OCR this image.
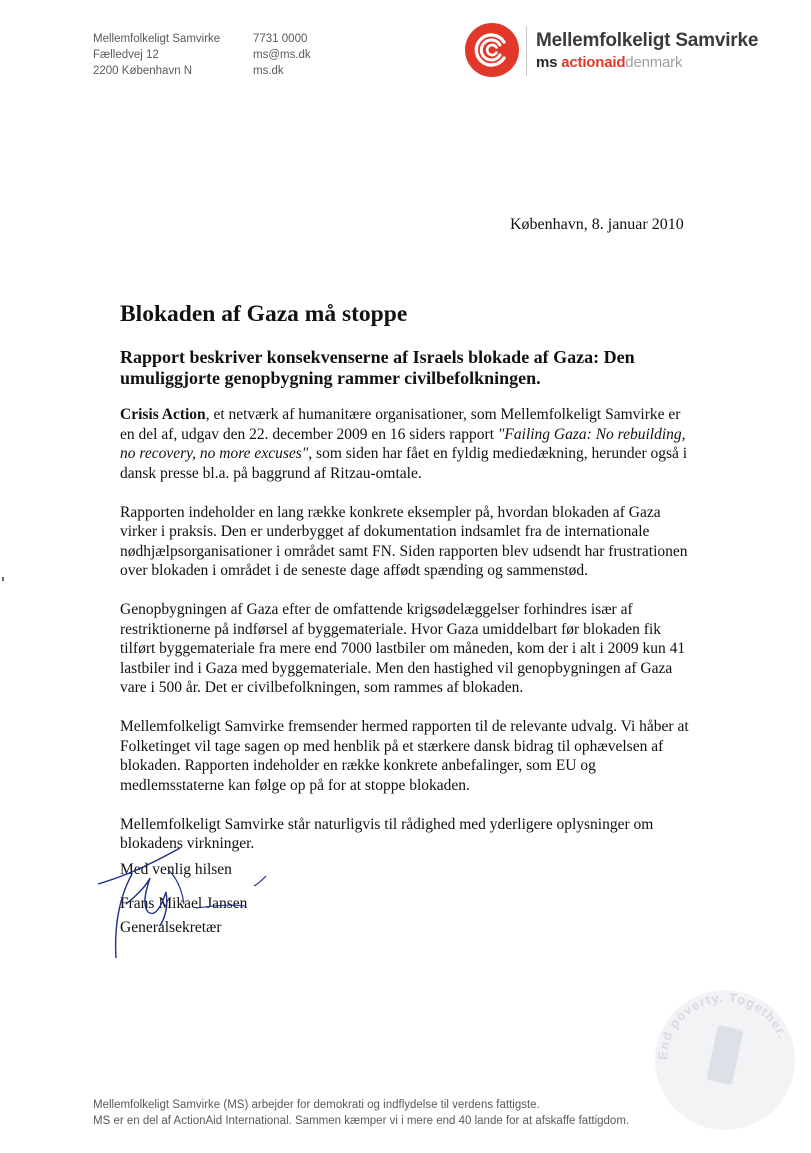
Mellemfolkeligt Samvirke
Fælledvej 12
2200 København N
7731 0000
ms@ms.dk
ms.dk
Mellemfolkeligt Samvirke
ms actionaiddenmark
København, 8. januar 2010
Blokaden af Gaza må stoppe
Rapport beskriver konsekvenserne af Israels blokade af Gaza: Den umuliggjorte genopbygning rammer civilbefolkningen.

Crisis Action, et netværk af humanitære organisationer, som Mellemfolkeligt Samvirke er en del af, udgav den 22. december 2009 en 16 siders rapport "Failing Gaza: No rebuilding, no recovery, no more excuses", som siden har fået en fyldig mediedækning, herunder også i dansk presse bl.a. på baggrund af Ritzau-omtale.

Rapporten indeholder en lang række konkrete eksempler på, hvordan blokaden af Gaza virker i praksis. Den er underbygget af dokumentation indsamlet fra de internationale nødhjælpsorganisationer i området samt FN. Siden rapporten blev udsendt har frustrationen over blokaden i området i de seneste dage affødt spænding og sammenstød.

Genopbygningen af Gaza efter de omfattende krigsødelæggelser forhindres især af restriktionerne på indførsel af byggemateriale. Hvor Gaza umiddelbart før blokaden fik tilført byggemateriale fra mere end 7000 lastbiler om måneden, kom der i alt i 2009 kun 41 lastbiler ind i Gaza med byggemateriale. Men den hastighed vil genopbygningen af Gaza vare i 500 år. Det er civilbefolkningen, som rammes af blokaden.

Mellemfolkeligt Samvirke fremsender hermed rapporten til de relevante udvalg. Vi håber at Folketinget vil tage sagen op med henblik på et stærkere dansk bidrag til ophævelsen af blokaden. Rapporten indeholder en række konkrete anbefalinger, som EU og medlemsstaterne kan følge op på for at stoppe blokaden.

Mellemfolkeligt Samvirke står naturligvis til rådighed med yderligere oplysninger om blokadens virkninger.

Med venlig hilsen
Frans Mikael Jansen
Generalsekretær
Mellemfolkeligt Samvirke (MS) arbejder for demokrati og indflydelse til verdens fattigste.
MS er en del af ActionAid International. Sammen kæmper vi i mere end 40 lande for at afskaffe fattigdom.
End poverty. Together.
